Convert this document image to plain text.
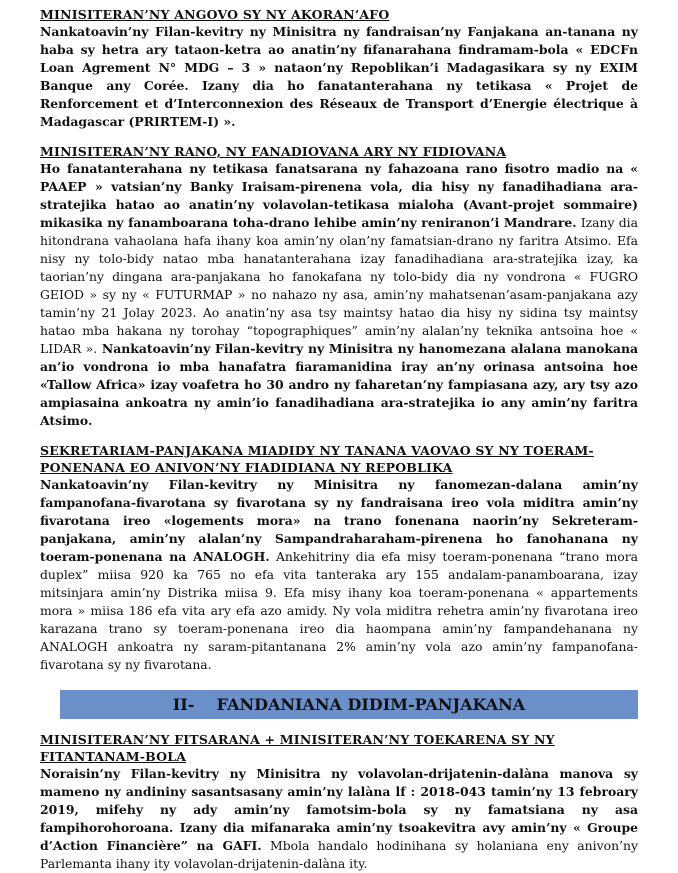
MINISITERAN’NY ANGOVO SY NY AKORAN’AFO

Nankatoavin’ny Filan-kevitry ny Minisitra ny fandraisan’ny Fanjakana an-tanana ny haba sy hetra ary tataon-ketra ao anatin’ny fifanarahana findramam-bola « EDCFn Loan Agrement N° MDG – 3 » nataon’ny Repoblikan’i Madagasikara sy ny EXIM Banque any Corée. Izany dia ho fanatanterahana ny tetikasa « Projet de Renforcement et d’Interconnexion des Réseaux de Transport d’Energie électrique à Madagascar (PRIRTEM-I) ».

MINISITERAN’NY RANO, NY FANADIOVANA ARY NY FIDIOVANA

Ho fanatanterahana ny tetikasa fanatsarana ny fahazoana rano fisotro madio na « PAAEP » vatsian’ny Banky Iraisam-pirenena vola, dia hisy ny fanadihadiana ara-stratejika hatao ao anatin’ny volavolan-tetikasa mialoha (Avant-projet sommaire) mikasika ny fanamboarana toha-drano lehibe amin’ny reniranon’i Mandrare. Izany dia hitondrana vahaolana hafa ihany koa amin’ny olan’ny famatsian-drano ny faritra Atsimo. Efa nisy ny tolo-bidy natao mba hanatanterahana izay fanadihadiana ara-stratejika izay, ka taorian’ny dingana ara-panjakana ho fanokafana ny tolo-bidy dia ny vondrona « FUGRO GEIOD » sy ny « FUTURMAP » no nahazo ny asa, amin’ny mahatsenan’asam-panjakana azy tamin’ny 21 Jolay 2023. Ao anatin’ny asa tsy maintsy hatao dia hisy ny sidina tsy maintsy hatao mba hakana ny torohay “topographiques” amin’ny alalan’ny teknika antsoina hoe « LIDAR ». Nankatoavin’ny Filan-kevitry ny Minisitra ny hanomezana alalana manokana an’io vondrona io mba hanafatra fiaramanidina iray an’ny orinasa antsoina hoe «Tallow Africa» izay voafetra ho 30 andro ny faharetan’ny fampiasana azy, ary tsy azo ampiasaina ankoatra ny amin’io fanadihadiana ara-stratejika io any amin’ny faritra Atsimo.

SEKRETARIAM-PANJAKANA MIADIDY NY TANANA VAOVAO SY NY TOERAM-PONENANA EO ANIVON’NY FIADIDIANA NY REPOBLIKA

Nankatoavin’ny Filan-kevitry ny Minisitra ny fanomezan-dalana amin’ny fampanofana-fivarotana sy fivarotana sy ny fandraisana ireo vola miditra amin’ny fivarotana ireo «logements mora» na trano fonenana naorin’ny Sekreteram-panjakana, amin’ny alalan’ny Sampandraharaham-pirenena ho fanohanana ny toeram-ponenana na ANALOGH. Ankehitriny dia efa misy toeram-ponenana “trano mora duplex” miisa 920 ka 765 no efa vita tanteraka ary 155 andalam-panamboarana, izay mitsinjara amin’ny Distrika miisa 9. Efa misy ihany koa toeram-ponenana « appartements mora » miisa 186 efa vita ary efa azo amidy. Ny vola miditra rehetra amin’ny fivarotana ireo karazana trano sy toeram-ponenana ireo dia haompana amin’ny fampandehanana ny ANALOGH ankoatra ny saram-pitantanana 2% amin’ny vola azo amin’ny fampanofana-fivarotana sy ny fivarotana.

II- FANDANIANA DIDIM-PANJAKANA
MINISITERAN’NY FITSARANA + MINISITERAN’NY TOEKARENA SY NY FITANTANAM-BOLA

Noraisin’ny Filan-kevitry ny Minisitra ny volavolan-drijatenin-dalàna manova sy mameno ny andininy sasantsasany amin’ny lalàna lf : 2018-043 tamin’ny 13 febroary 2019, mifehy ny ady amin’ny famotsim-bola sy ny famatsiana ny asa fampihorohoroana. Izany dia mifanaraka amin’ny tsoakevitra avy amin’ny « Groupe d’Action Financière” na GAFI. Mbola handalo hodinihana sy holaniana eny anivon’ny Parlemanta ihany ity volavolan-drijatenin-dalàna ity.
